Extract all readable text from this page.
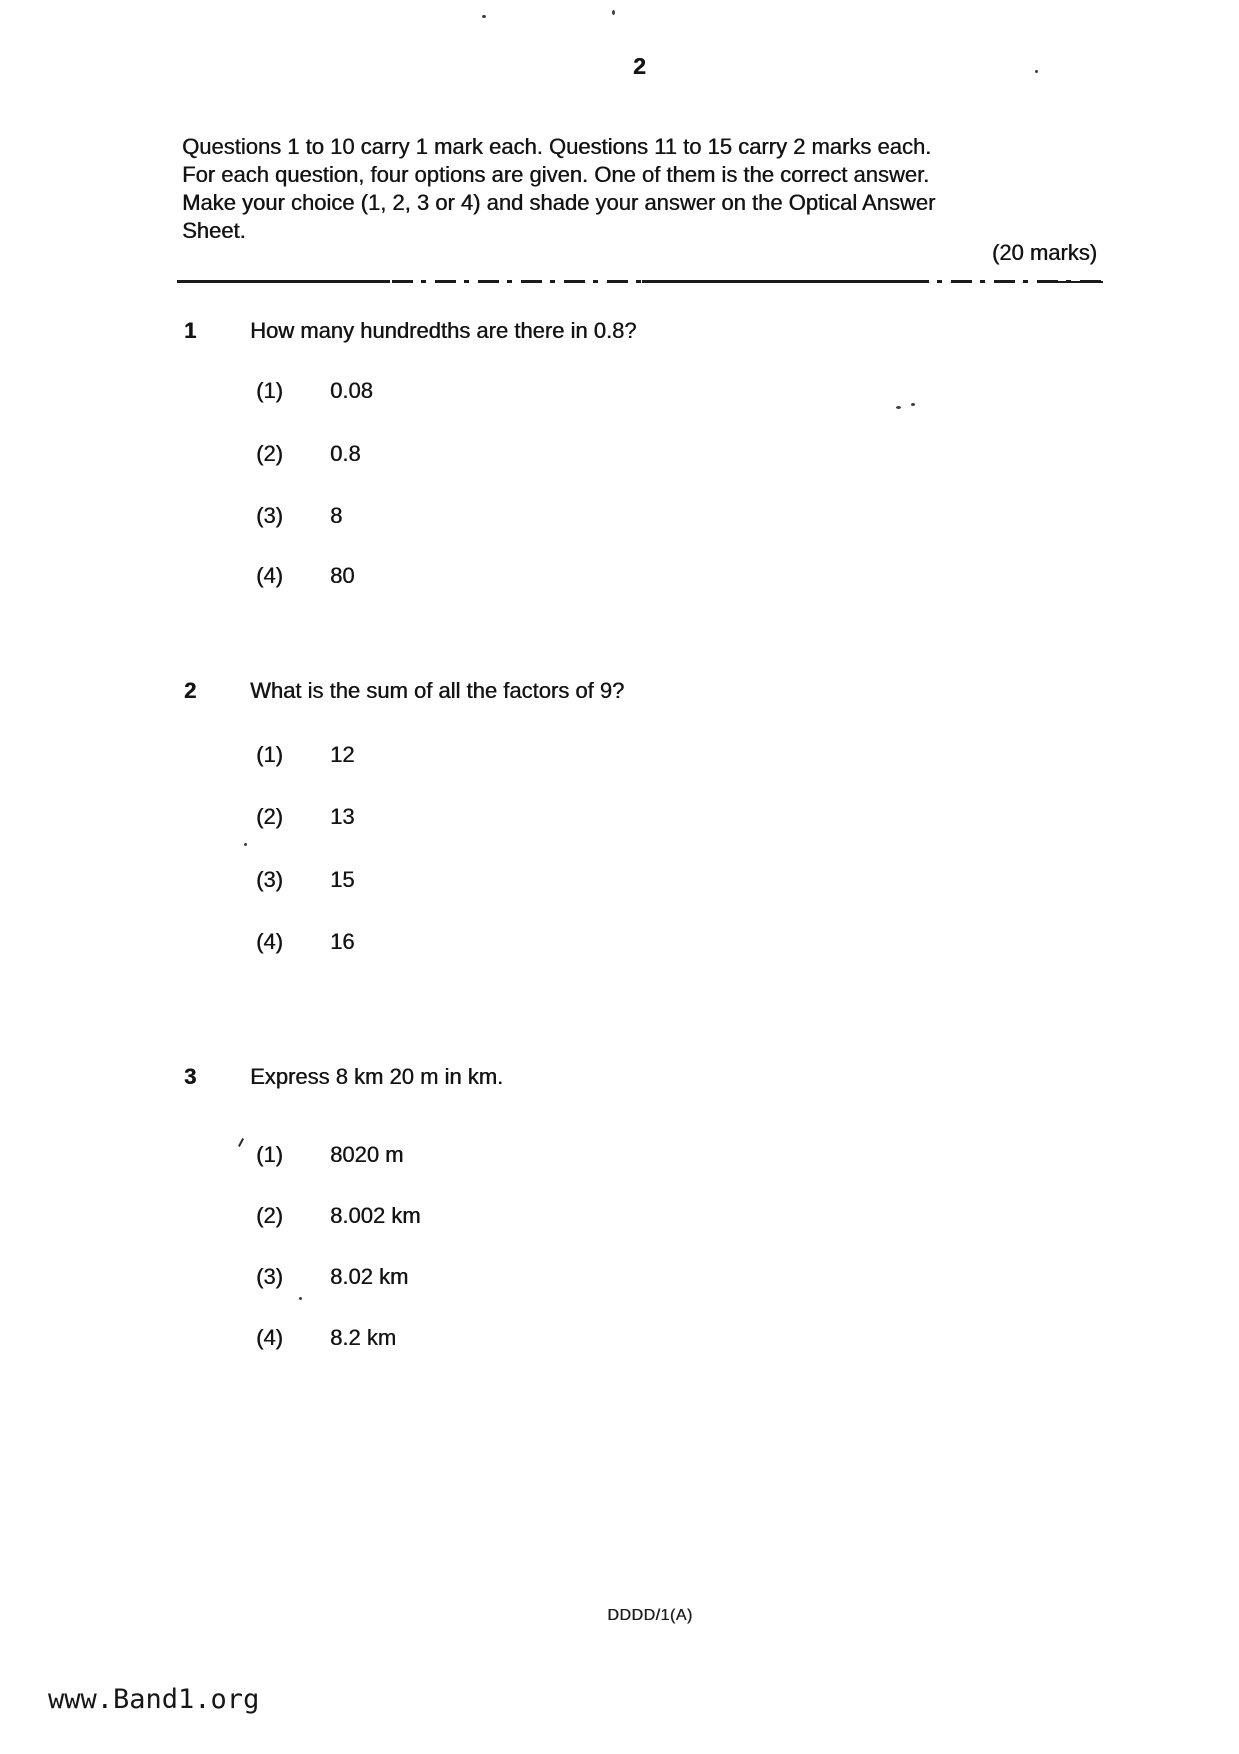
2
Questions 1 to 10 carry 1 mark each. Questions 11 to 15 carry 2 marks each.
For each question, four options are given. One of them is the correct answer.
Make your choice (1, 2, 3 or 4) and shade your answer on the Optical Answer
Sheet.
(20 marks)
1 How many hundredths are there in 0.8?
(1) 0.08
(2) 0.8
(3) 8
(4) 80
2 What is the sum of all the factors of 9?
(1) 12
(2) 13
(3) 15
(4) 16
3 Express 8 km 20 m in km.
(1) 8020 m
(2) 8.002 km
(3) 8.02 km
(4) 8.2 km
DDDD/1(A)
www.Band1.org
